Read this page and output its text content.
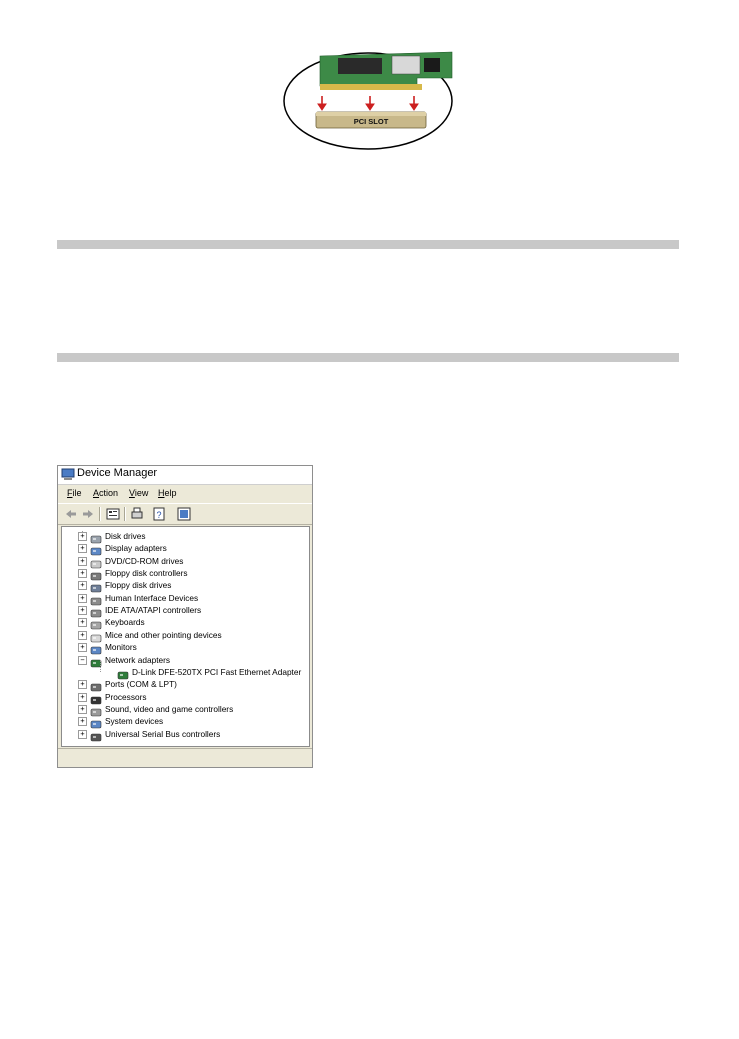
PCI SLOT
Device Manager
File Action View Help
?
+ Disk drives
+ Display adapters
+ DVD/CD-ROM drives
+ Floppy disk controllers
+ Floppy disk drives
+ Human Interface Devices
+ IDE ATA/ATAPI controllers
+ Keyboards
+ Mice and other pointing devices
+ Monitors
− Network adapters
D-Link DFE-520TX PCI Fast Ethernet Adapter
+ Ports (COM & LPT)
+ Processors
+ Sound, video and game controllers
+ System devices
+ Universal Serial Bus controllers
